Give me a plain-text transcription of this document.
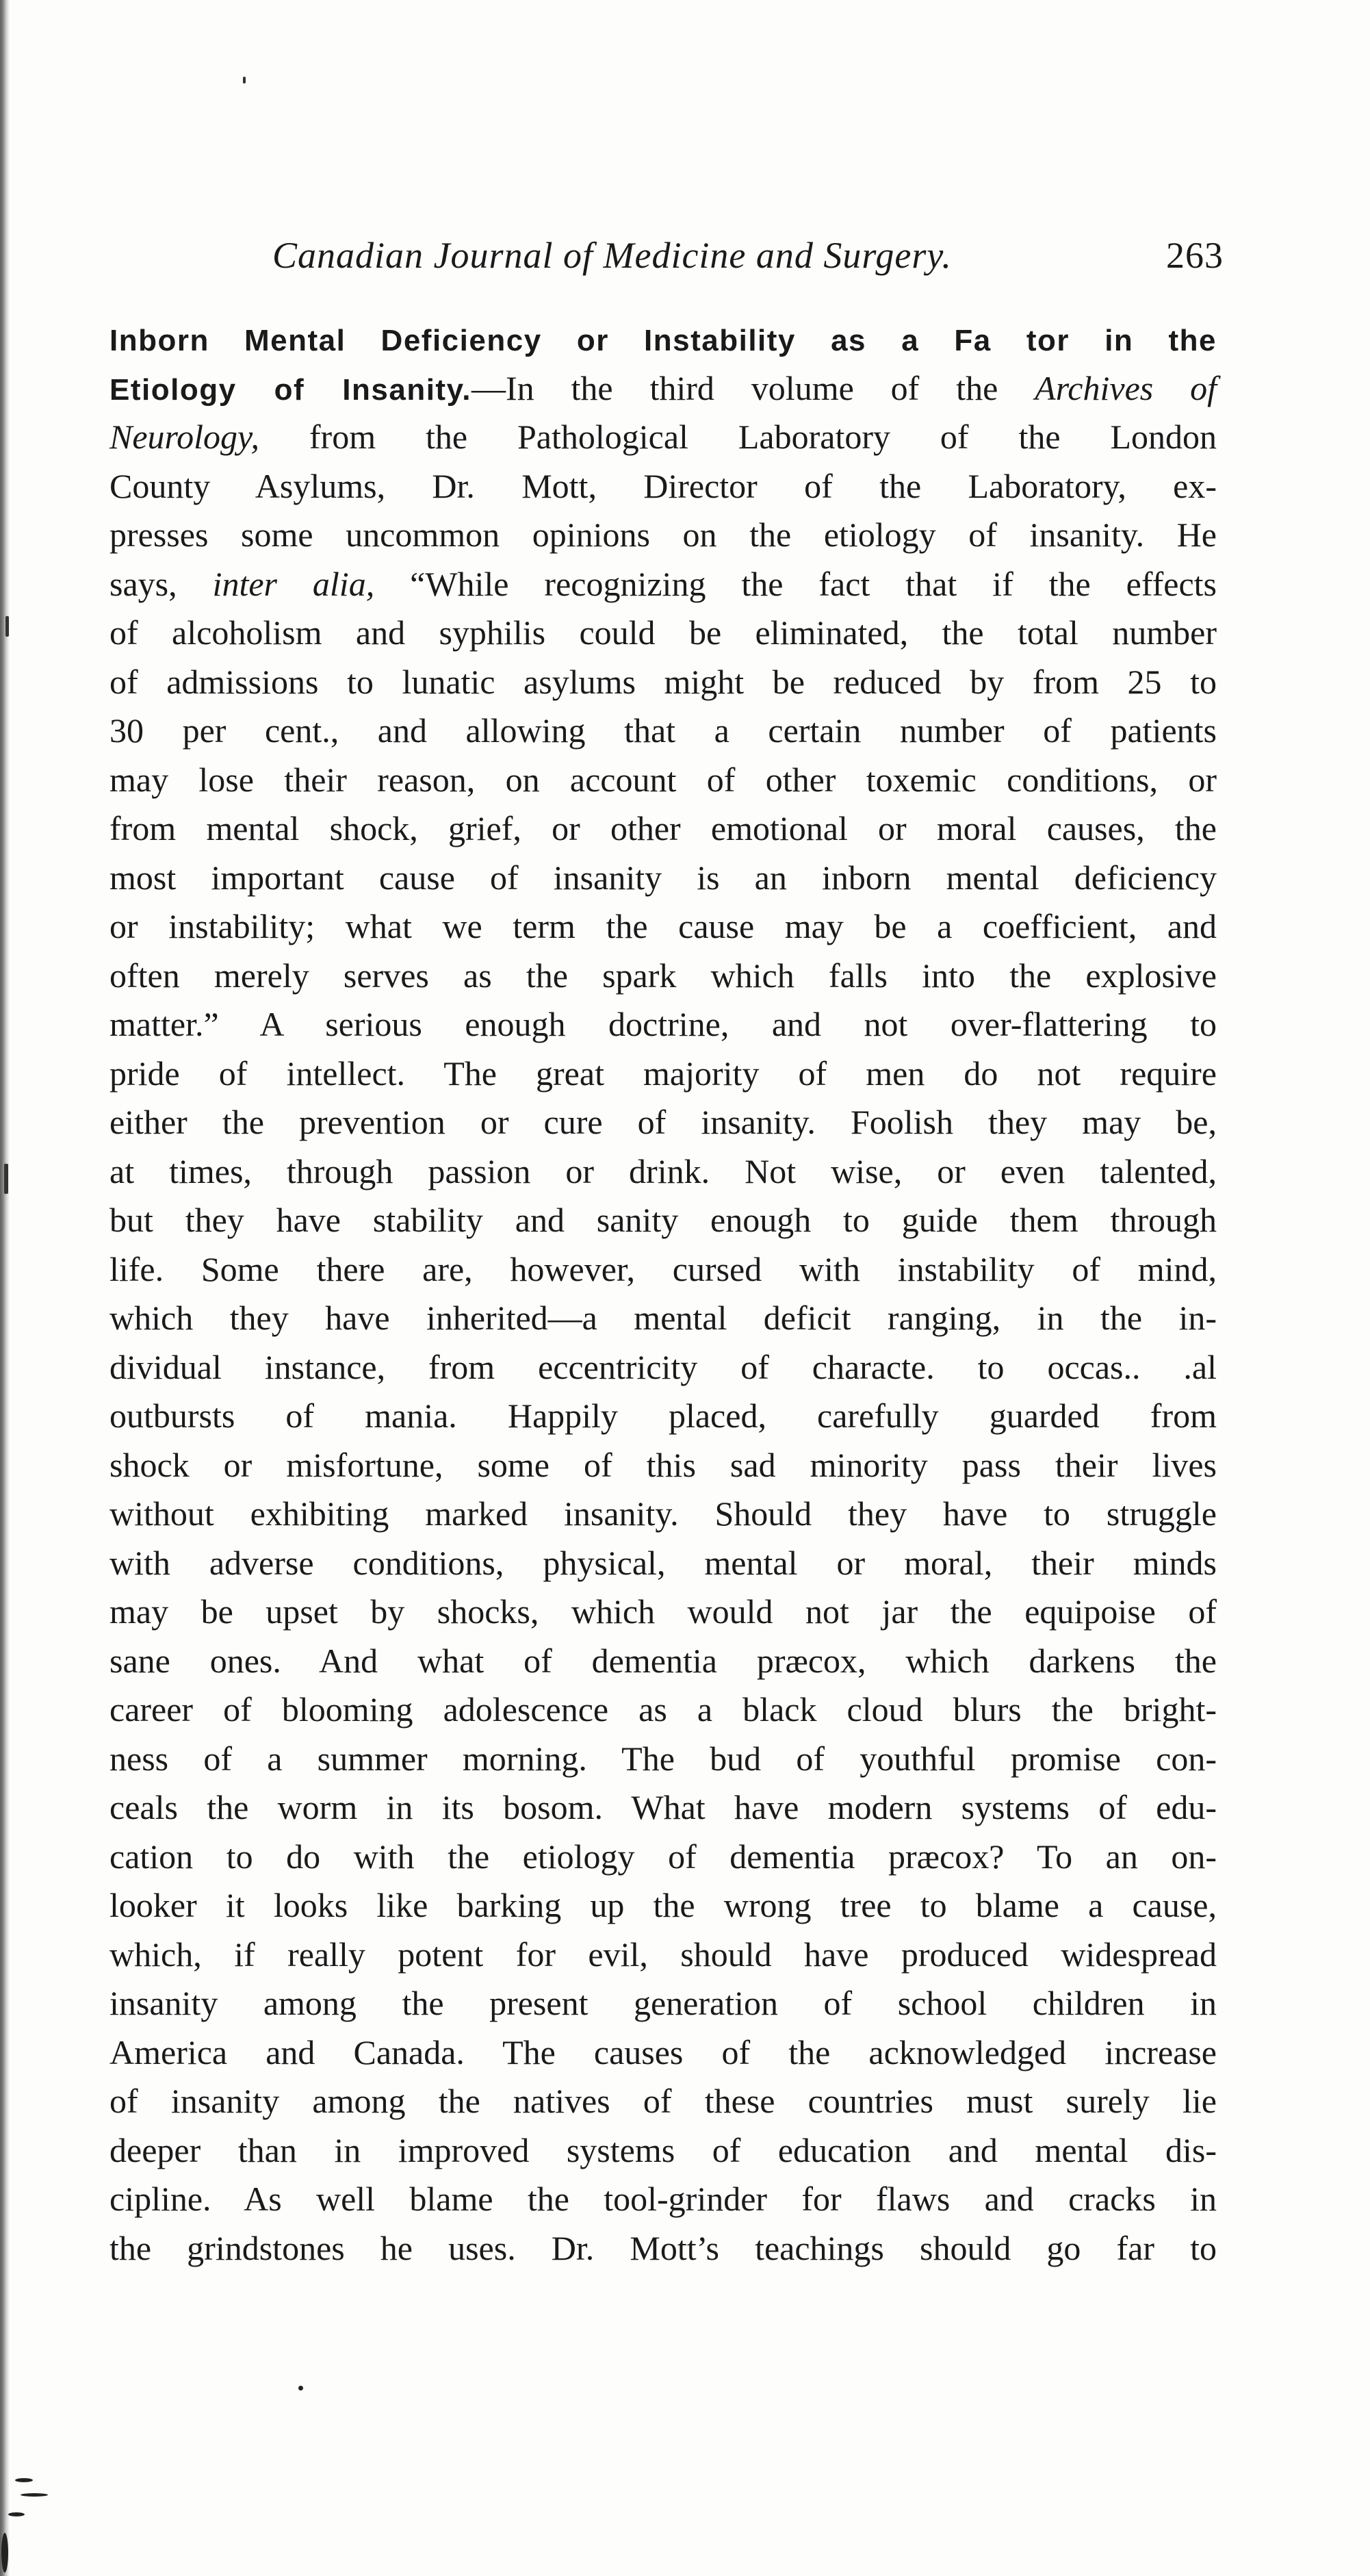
Canadian Journal of Medicine and Surgery.	263
Inborn Mental Deficiency or Instability as a Fa tor in the
Etiology of Insanity.—In the third volume of the Archives of
Neurology, from the Pathological Laboratory of the London
County Asylums, Dr. Mott, Director of the Laboratory, ex-
presses some uncommon opinions on the etiology of insanity. He
says, inter alia, “While recognizing the fact that if the effects
of alcoholism and syphilis could be eliminated, the total number
of admissions to lunatic asylums might be reduced by from 25 to
30 per cent., and allowing that a certain number of patients
may lose their reason, on account of other toxemic conditions, or
from mental shock, grief, or other emotional or moral causes, the
most important cause of insanity is an inborn mental deficiency
or instability; what we term the cause may be a coefficient, and
often merely serves as the spark which falls into the explosive
matter.” A serious enough doctrine, and not over-flattering to
pride of intellect. The great majority of men do not require
either the prevention or cure of insanity. Foolish they may be,
at times, through passion or drink. Not wise, or even talented,
but they have stability and sanity enough to guide them through
life. Some there are, however, cursed with instability of mind,
which they have inherited—a mental deficit ranging, in the in-
dividual instance, from eccentricity of characte. to occas.. .al
outbursts of mania. Happily placed, carefully guarded from
shock or misfortune, some of this sad minority pass their lives
without exhibiting marked insanity. Should they have to struggle
with adverse conditions, physical, mental or moral, their minds
may be upset by shocks, which would not jar the equipoise of
sane ones. And what of dementia præcox, which darkens the
career of blooming adolescence as a black cloud blurs the bright-
ness of a summer morning. The bud of youthful promise con-
ceals the worm in its bosom. What have modern systems of edu-
cation to do with the etiology of dementia præcox? To an on-
looker it looks like barking up the wrong tree to blame a cause,
which, if really potent for evil, should have produced widespread
insanity among the present generation of school children in
America and Canada. The causes of the acknowledged increase
of insanity among the natives of these countries must surely lie
deeper than in improved systems of education and mental dis-
cipline. As well blame the tool-grinder for flaws and cracks in
the grindstones he uses. Dr. Mott’s teachings should go far to
